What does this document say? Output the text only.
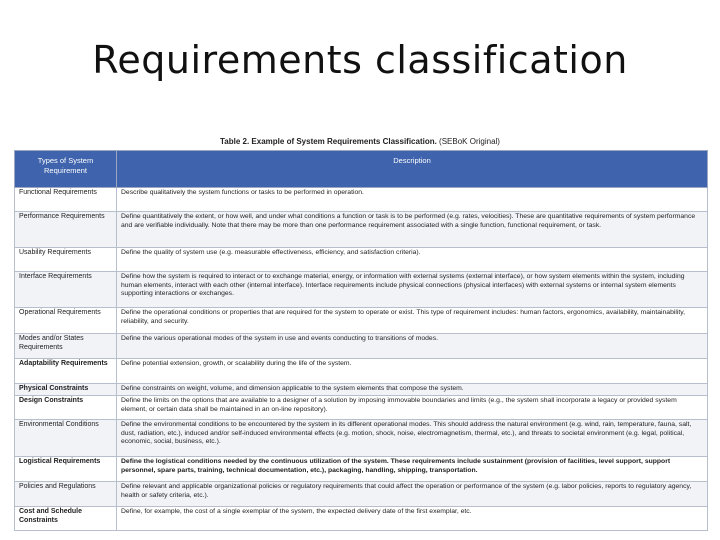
Requirements classification
Table 2. Example of System Requirements Classification. (SEBoK Original)
Types of System Requirement	Description
Functional Requirements	Describe qualitatively the system functions or tasks to be performed in operation.
Performance Requirements	Define quantitatively the extent, or how well, and under what conditions a function or task is to be performed (e.g. rates, velocities). These are quantitative requirements of system performance and are verifiable individually. Note that there may be more than one performance requirement associated with a single function, functional requirement, or task.
Usability Requirements	Define the quality of system use (e.g. measurable effectiveness, efficiency, and satisfaction criteria).
Interface Requirements	Define how the system is required to interact or to exchange material, energy, or information with external systems (external interface), or how system elements within the system, including human elements, interact with each other (internal interface). Interface requirements include physical connections (physical interfaces) with external systems or internal system elements supporting interactions or exchanges.
Operational Requirements	Define the operational conditions or properties that are required for the system to operate or exist. This type of requirement includes: human factors, ergonomics, availability, maintainability, reliability, and security.
Modes and/or States Requirements	Define the various operational modes of the system in use and events conducting to transitions of modes.
Adaptability Requirements	Define potential extension, growth, or scalability during the life of the system.
Physical Constraints	Define constraints on weight, volume, and dimension applicable to the system elements that compose the system.
Design Constraints	Define the limits on the options that are available to a designer of a solution by imposing immovable boundaries and limits (e.g., the system shall incorporate a legacy or provided system element, or certain data shall be maintained in an on-line repository).
Environmental Conditions	Define the environmental conditions to be encountered by the system in its different operational modes. This should address the natural environment (e.g. wind, rain, temperature, fauna, salt, dust, radiation, etc.), induced and/or self-induced environmental effects (e.g. motion, shock, noise, electromagnetism, thermal, etc.), and threats to societal environment (e.g. legal, political, economic, social, business, etc.).
Logistical Requirements	Define the logistical conditions needed by the continuous utilization of the system. These requirements include sustainment (provision of facilities, level support, support personnel, spare parts, training, technical documentation, etc.), packaging, handling, shipping, transportation.
Policies and Regulations	Define relevant and applicable organizational policies or regulatory requirements that could affect the operation or performance of the system (e.g. labor policies, reports to regulatory agency, health or safety criteria, etc.).
Cost and Schedule Constraints	Define, for example, the cost of a single exemplar of the system, the expected delivery date of the first exemplar, etc.
